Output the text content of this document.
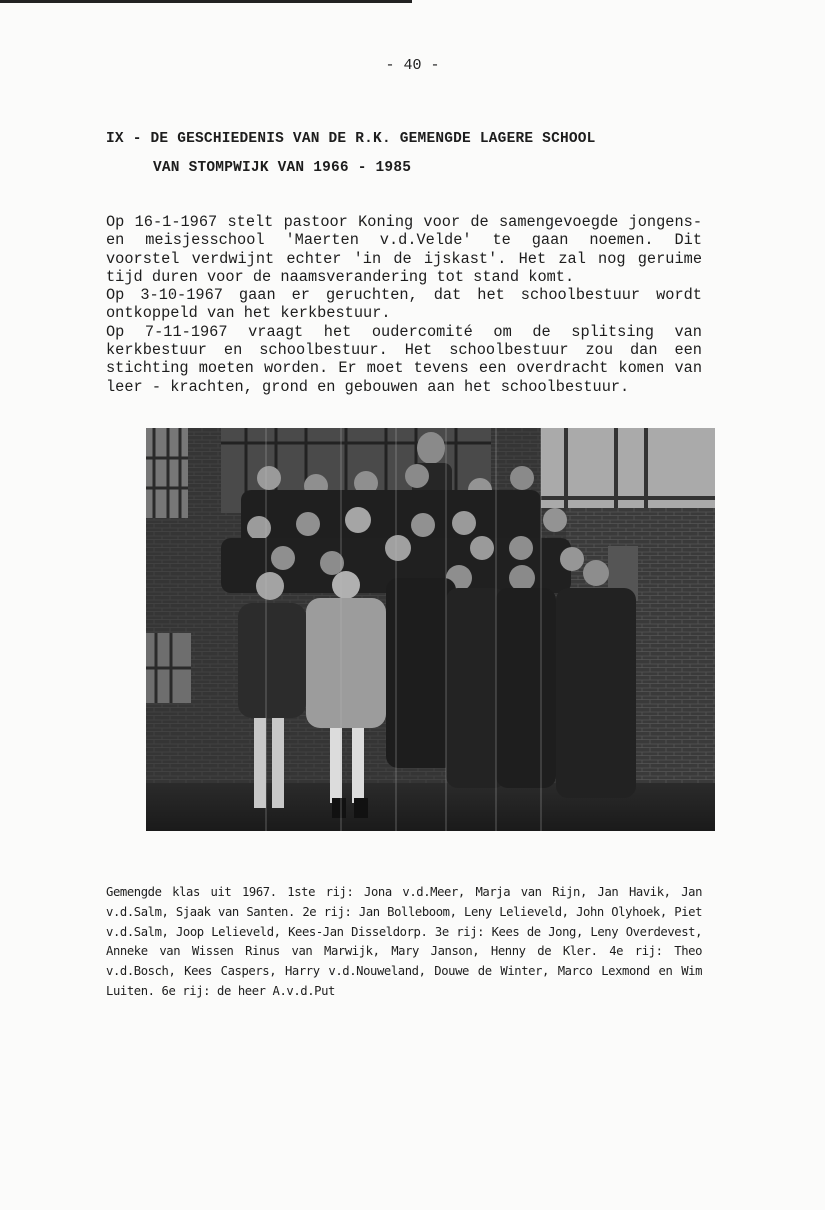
- 40 -
IX - DE GESCHIEDENIS VAN DE R.K. GEMENGDE LAGERE SCHOOL
VAN STOMPWIJK VAN 1966 - 1985

Op 16-1-1967 stelt pastoor Koning voor de samengevoegde jongens- en meisjesschool 'Maerten v.d.Velde' te gaan noemen. Dit voorstel verdwijnt echter 'in de ijskast'. Het zal nog geruime tijd duren voor de naamsverandering tot stand komt.

Op 3-10-1967 gaan er geruchten, dat het schoolbestuur wordt ontkoppeld van het kerkbestuur.

Op 7-11-1967 vraagt het oudercomité om de splitsing van kerkbestuur en schoolbestuur. Het schoolbestuur zou dan een stichting moeten worden. Er moet tevens een overdracht komen van leer - krachten, grond en gebouwen aan het schoolbestuur.

Gemengde klas uit 1967. 1ste rij: Jona v.d.Meer, Marja van Rijn, Jan Havik, Jan v.d.Salm, Sjaak van Santen. 2e rij: Jan Bolleboom, Leny Lelieveld, John Olyhoek, Piet v.d.Salm, Joop Lelieveld, Kees-Jan Disseldorp. 3e rij: Kees de Jong, Leny Overdevest, Anneke van Wissen Rinus van Marwijk, Mary Janson, Henny de Kler. 4e rij: Theo v.d.Bosch, Kees Caspers, Harry v.d.Nouweland, Douwe de Winter, Marco Lexmond en Wim Luiten. 6e rij: de heer A.v.d.Put
